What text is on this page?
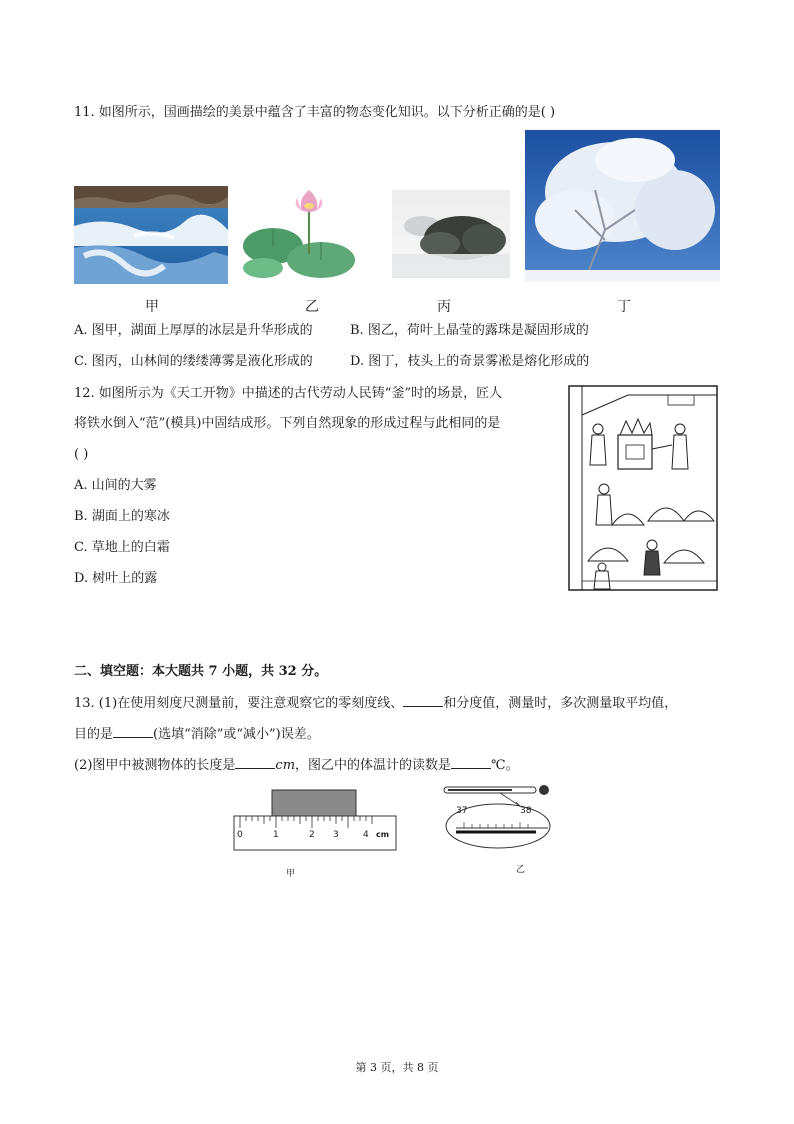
11. 如图所示，国画描绘的美景中蕴含了丰富的物态变化知识。以下分析正确的是( )
甲	乙	丙	丁
A. 图甲，湖面上厚厚的冰层是升华形成的	B. 图乙，荷叶上晶莹的露珠是凝固形成的
C. 图丙，山林间的缕缕薄雾是液化形成的	D. 图丁，枝头上的奇景雾凇是熔化形成的
12. 如图所示为《天工开物》中描述的古代劳动人民铸“釜”时的场景，匠人
将铁水倒入“范”(模具)中固结成形。下列自然现象的形成过程与此相同的是
( )
A. 山间的大雾
B. 湖面上的寒冰
C. 草地上的白霜
D. 树叶上的露
二、填空题：本大题共 7 小题，共 32 分。
13. (1)在使用刻度尺测量前，要注意观察它的零刻度线、	和分度值，测量时，多次测量取平均值，
目的是	(选填“消除”或“减小”)误差。
(2)图甲中被测物体的长度是	cm，图乙中的体温计的读数是	℃。
0	1	2 3	4 cm
甲
37	38
乙
第 3 页，共 8 页
